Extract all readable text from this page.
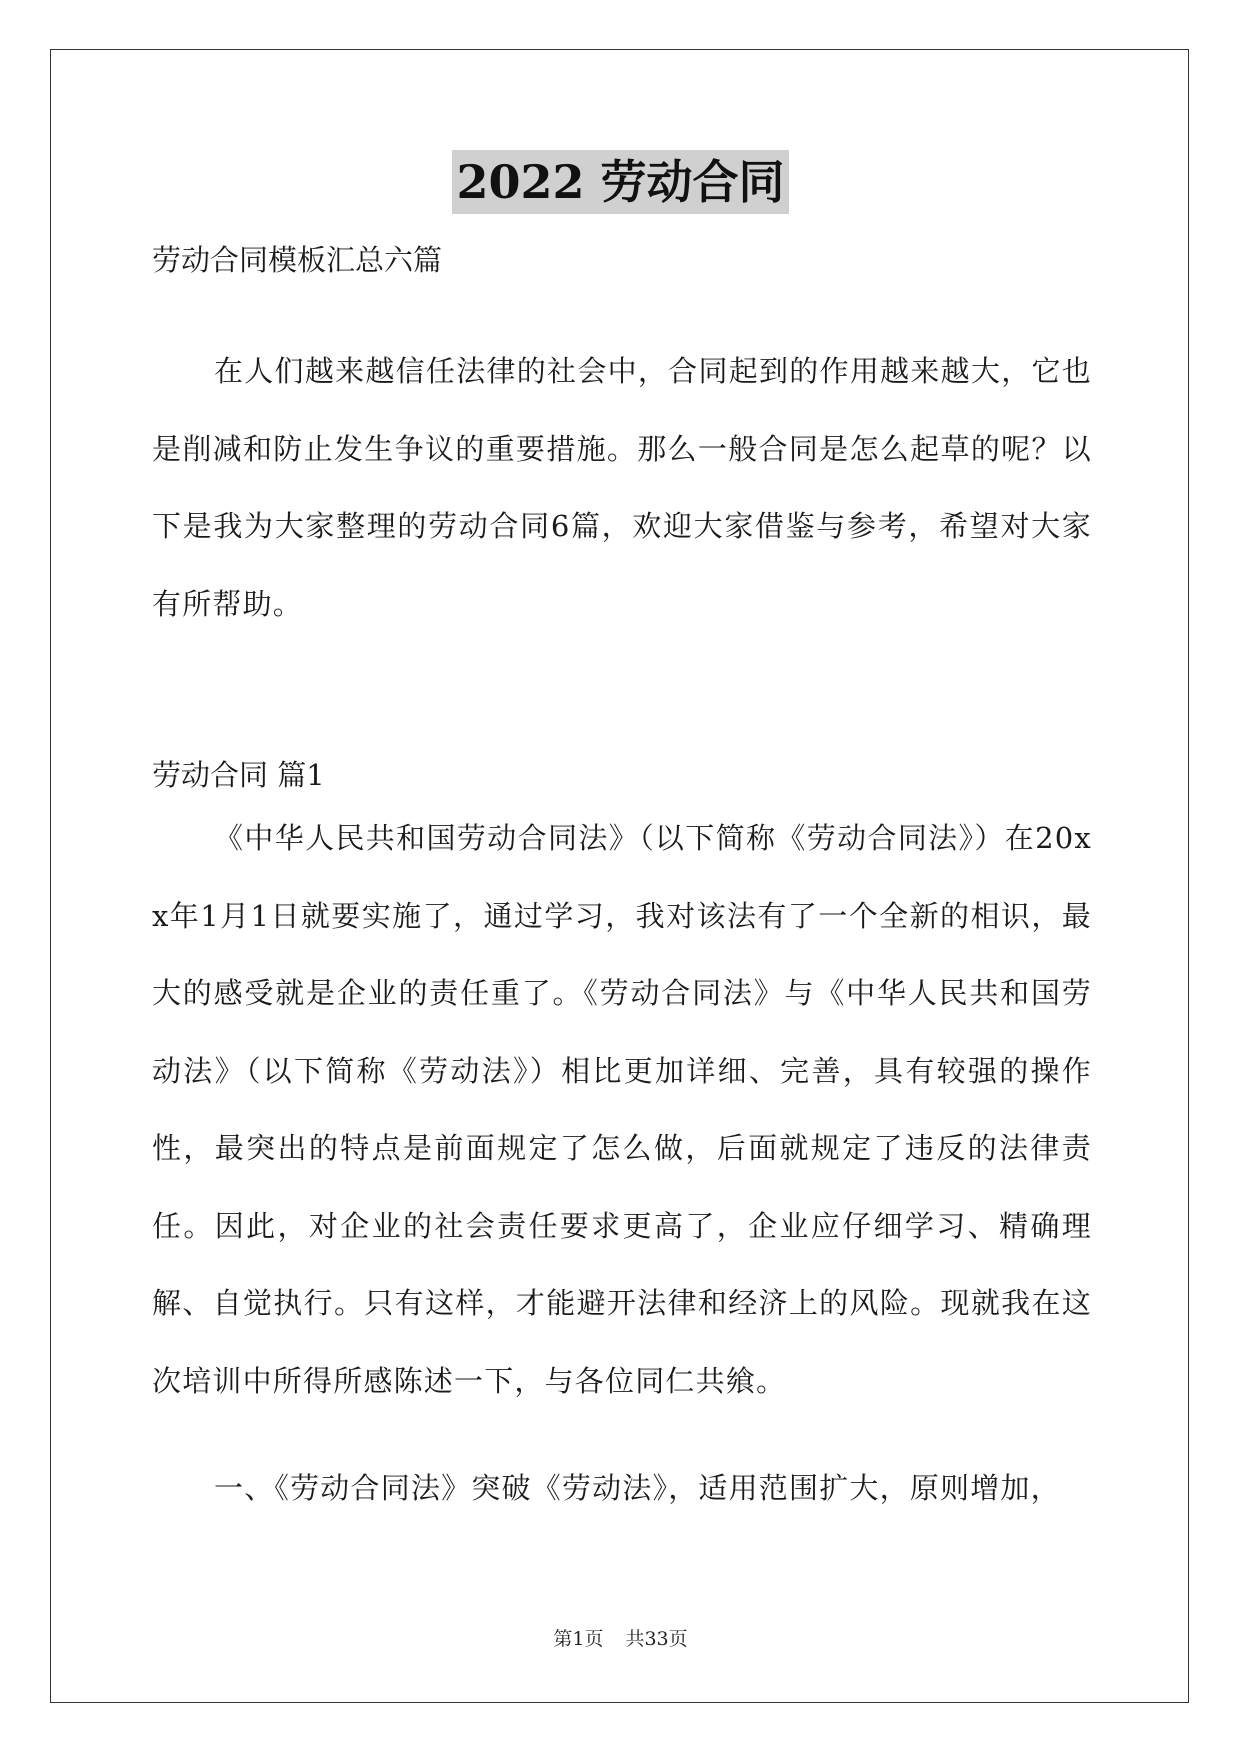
2022 劳动合同

劳动合同模板汇总六篇

在人们越来越信任法律的社会中，合同起到的作用越来越大，它也是削减和防止发生争议的重要措施。那么一般合同是怎么起草的呢？以下是我为大家整理的劳动合同6篇，欢迎大家借鉴与参考，希望对大家有所帮助。

劳动合同 篇1

《中华人民共和国劳动合同法》（以下简称《劳动合同法》）在20xx年1月1日就要实施了，通过学习，我对该法有了一个全新的相识，最大的感受就是企业的责任重了。《劳动合同法》与《中华人民共和国劳动法》（以下简称《劳动法》）相比更加详细、完善，具有较强的操作性，最突出的特点是前面规定了怎么做，后面就规定了违反的法律责任。因此，对企业的社会责任要求更高了，企业应仔细学习、精确理解、自觉执行。只有这样，才能避开法律和经济上的风险。现就我在这次培训中所得所感陈述一下，与各位同仁共飨。

一、《劳动合同法》突破《劳动法》，适用范围扩大，原则增加，

第1页 共33页
